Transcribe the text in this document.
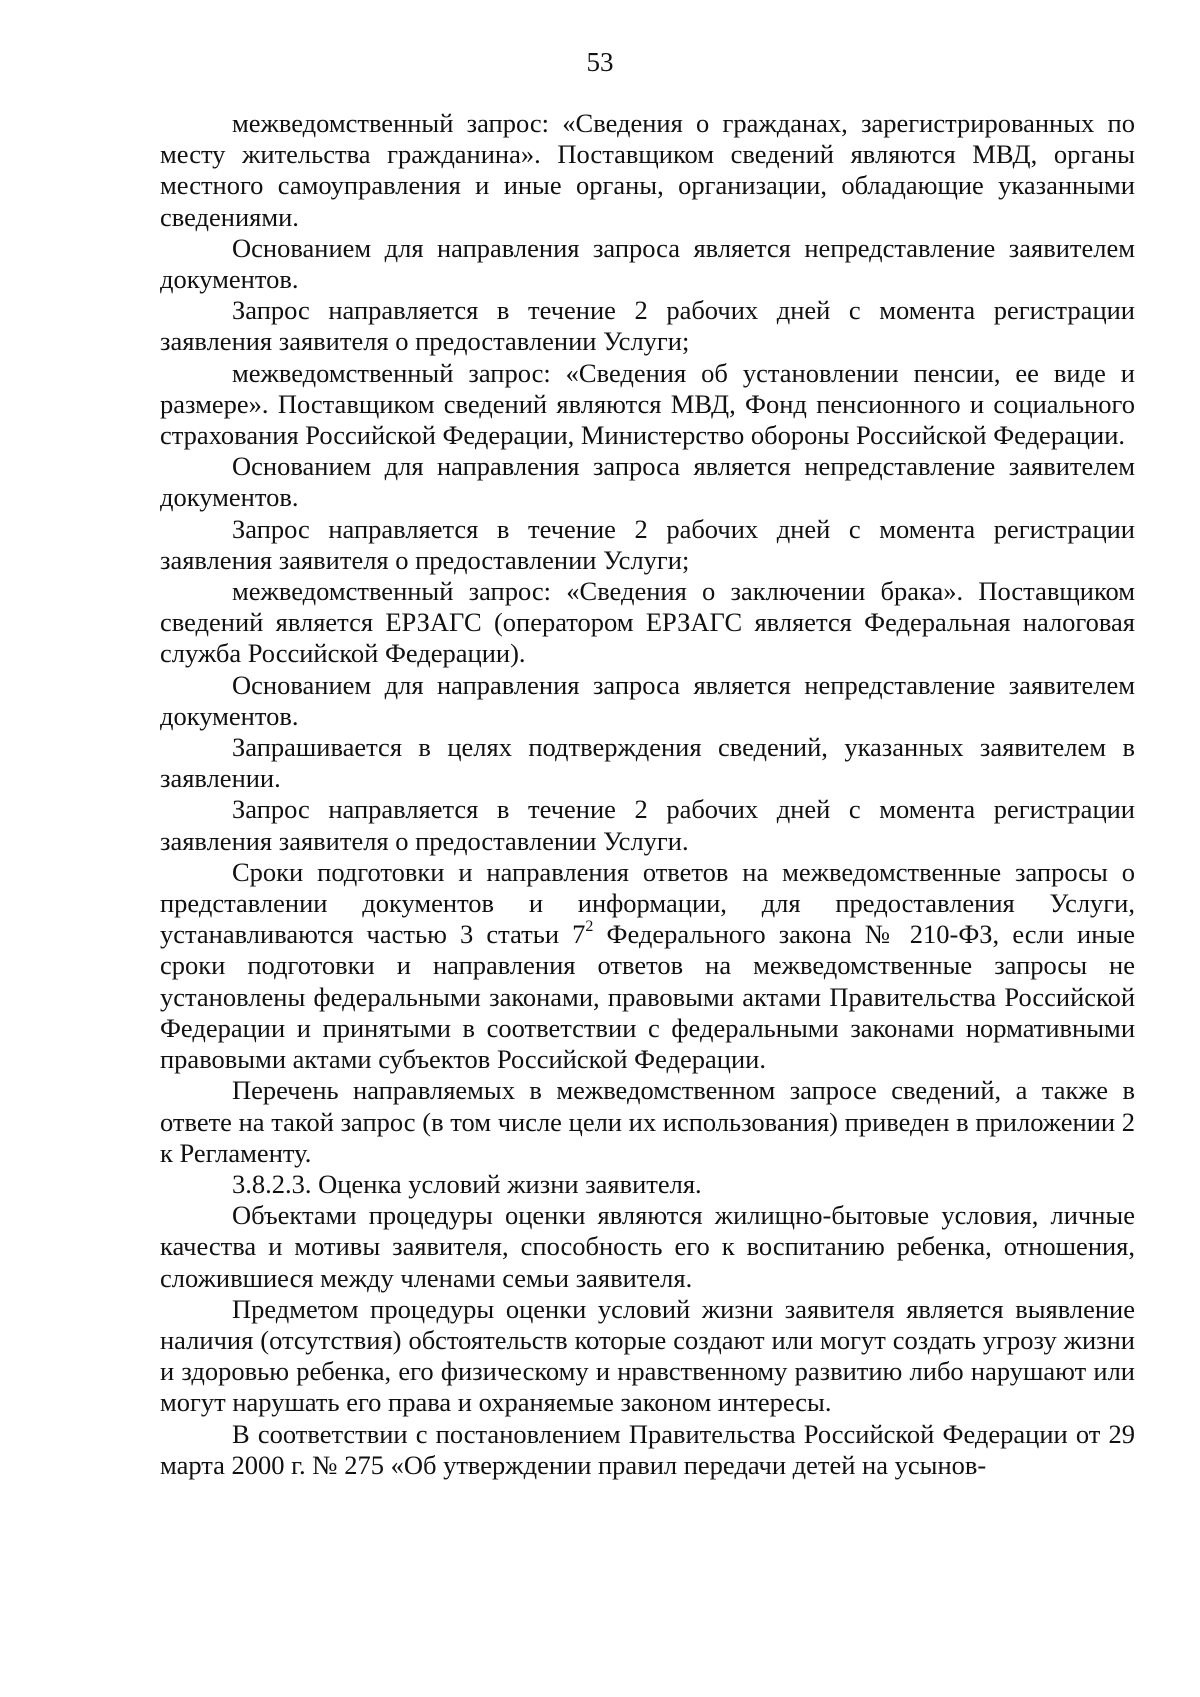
53

межведомственный запрос: «Сведения о гражданах, зарегистрированных по месту жительства гражданина». Поставщиком сведений являются МВД, органы местного самоуправления и иные органы, организации, обладающие указанными сведениями.

Основанием для направления запроса является непредставление заявителем документов.

Запрос направляется в течение 2 рабочих дней с момента регистрации заявления заявителя о предоставлении Услуги;

межведомственный запрос: «Сведения об установлении пенсии, ее виде и размере». Поставщиком сведений являются МВД, Фонд пенсионного и социального страхования Российской Федерации, Министерство обороны Российской Федерации.

Основанием для направления запроса является непредставление заявителем документов.

Запрос направляется в течение 2 рабочих дней с момента регистрации заявления заявителя о предоставлении Услуги;

межведомственный запрос: «Сведения о заключении брака». Поставщиком сведений является ЕРЗАГС (оператором ЕРЗАГС является Федеральная налоговая служба Российской Федерации).

Основанием для направления запроса является непредставление заявителем документов.

Запрашивается в целях подтверждения сведений, указанных заявителем в заявлении.

Запрос направляется в течение 2 рабочих дней с момента регистрации заявления заявителя о предоставлении Услуги.

Сроки подготовки и направления ответов на межведомственные запросы о представлении документов и информации, для предоставления Услуги, устанавливаются частью 3 статьи $7^2$ Федерального закона № 210-ФЗ, если иные сроки подготовки и направления ответов на межведомственные запросы не установлены федеральными законами, правовыми актами Правительства Российской Федерации и принятыми в соответствии с федеральными законами нормативными правовыми актами субъектов Российской Федерации.

Перечень направляемых в межведомственном запросе сведений, а также в ответе на такой запрос (в том числе цели их использования) приведен в приложении 2 к Регламенту.

3.8.2.3. Оценка условий жизни заявителя.

Объектами процедуры оценки являются жилищно-бытовые условия, личные качества и мотивы заявителя, способность его к воспитанию ребенка, отношения, сложившиеся между членами семьи заявителя.

Предметом процедуры оценки условий жизни заявителя является выявление наличия (отсутствия) обстоятельств которые создают или могут создать угрозу жизни и здоровью ребенка, его физическому и нравственному развитию либо нарушают или могут нарушать его права и охраняемые законом интересы.

В соответствии с постановлением Правительства Российской Федерации от 29 марта 2000 г. № 275 «Об утверждении правил передачи детей на усынов-
